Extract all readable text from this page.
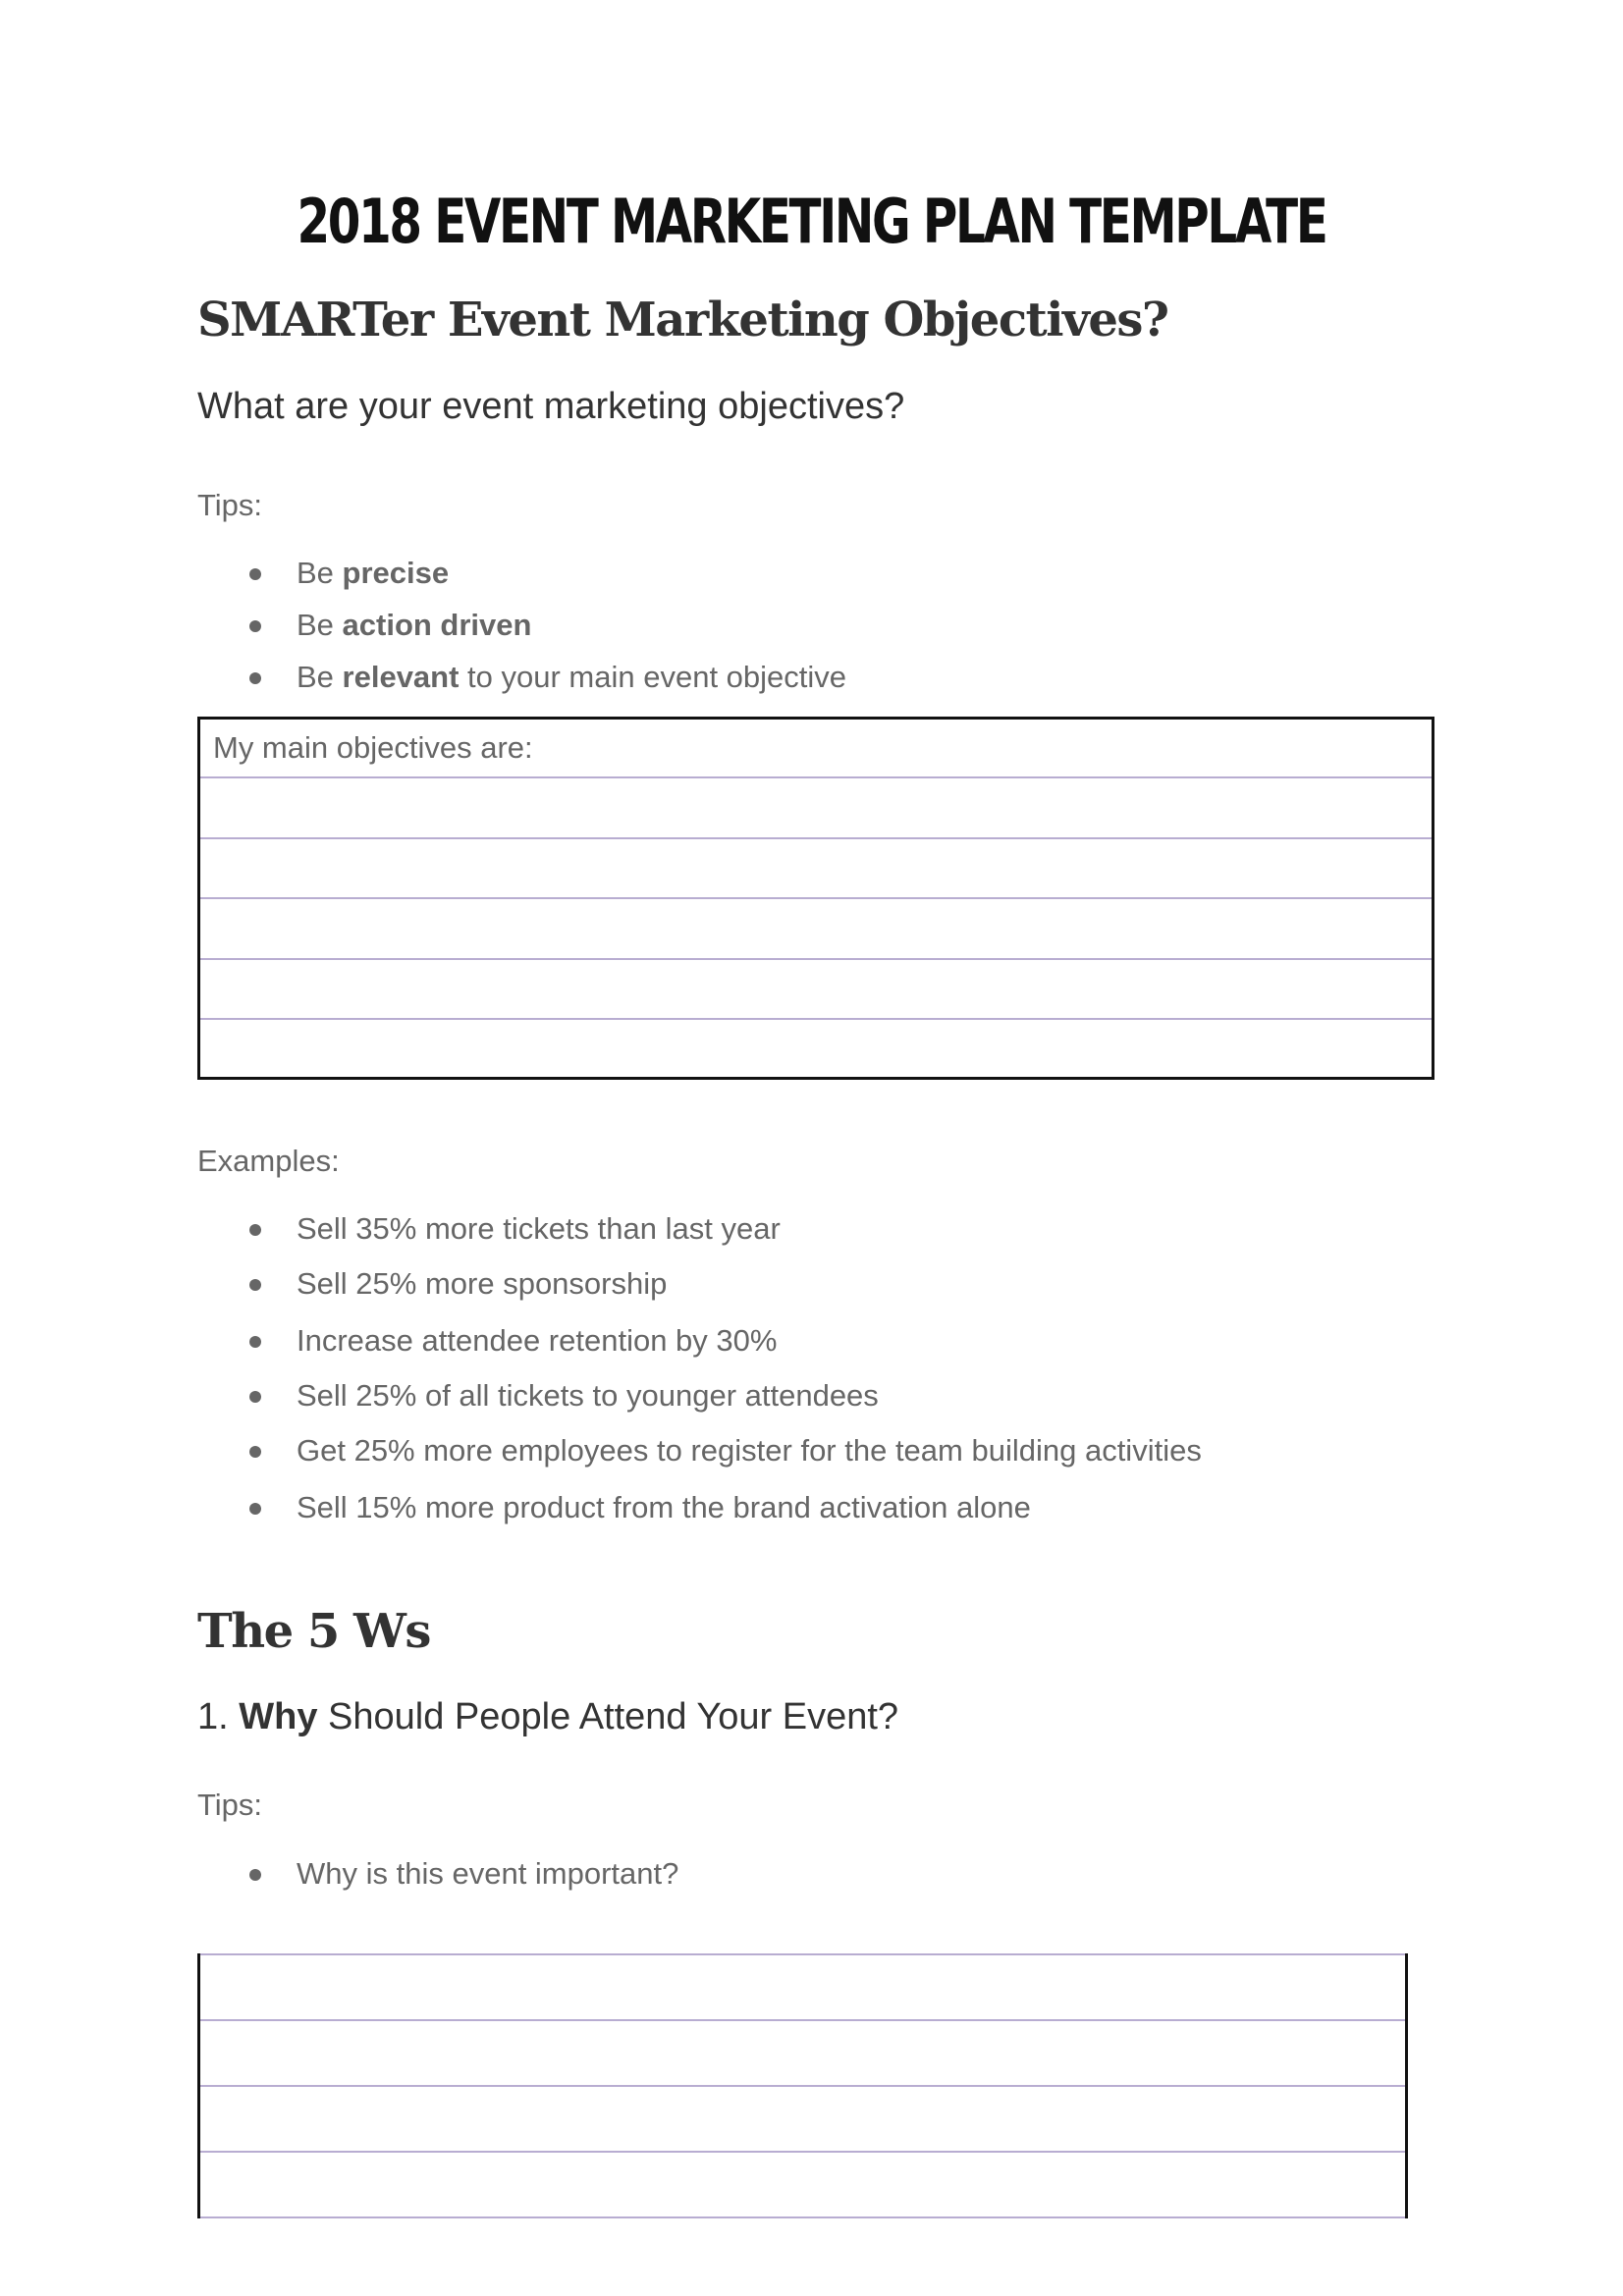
2018 EVENT MARKETING PLAN TEMPLATE
SMARTer Event Marketing Objectives?
What are your event marketing objectives?
Tips:
Be precise
Be action driven
Be relevant to your main event objective
My main objectives are:
Examples:
Sell 35% more tickets than last year
Sell 25% more sponsorship
Increase attendee retention by 30%
Sell 25% of all tickets to younger attendees
Get 25% more employees to register for the team building activities
Sell 15% more product from the brand activation alone
The 5 Ws
1. Why Should People Attend Your Event?
Tips:
Why is this event important?
